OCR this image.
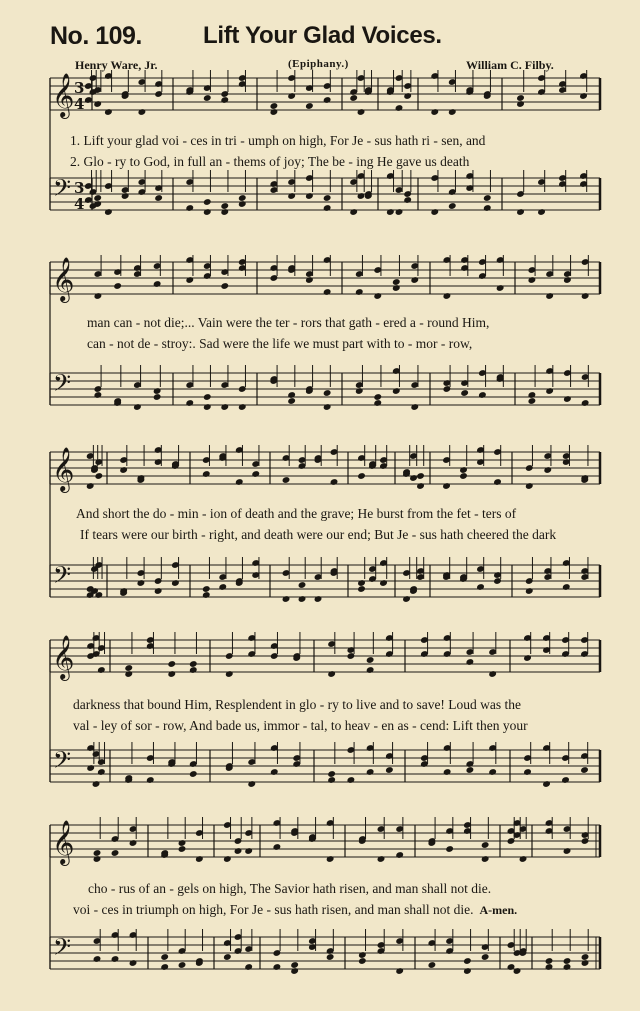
No. 109.	Lift Your Glad Voices.
Henry Ware, Jr.	(Epiphany.)	William C. Filby.
𝄞 3
4
𝄢 3
4
1. Lift your glad voi - ces in tri - umph on high, For Je - sus hath ri - sen, and
2. Glo - ry to God, in full an - thems of joy; The be - ing He gave us death
𝄞
𝄢
man can - not die;... Vain were the ter - rors that gath - ered a - round Him,
can - not de - stroy:. Sad were the life we must part with to - mor - row,
𝄞
𝄢
And short the do - min - ion of death and the grave; He burst from the fet - ters of
If tears were our birth - right, and death were our end; But Je - sus hath cheered the dark
𝄞
𝄢
darkness that bound Him, Resplendent in glo - ry to live and to save! Loud was the
val - ley of sor - row, And bade us, immor - tal, to heav - en as - cend: Lift then your
𝄞
𝄢
cho - rus of an - gels on high, The Savior hath risen, and man shall not die.
voi - ces in triumph on high, For Je - sus hath risen, and man shall not die. A-men.
